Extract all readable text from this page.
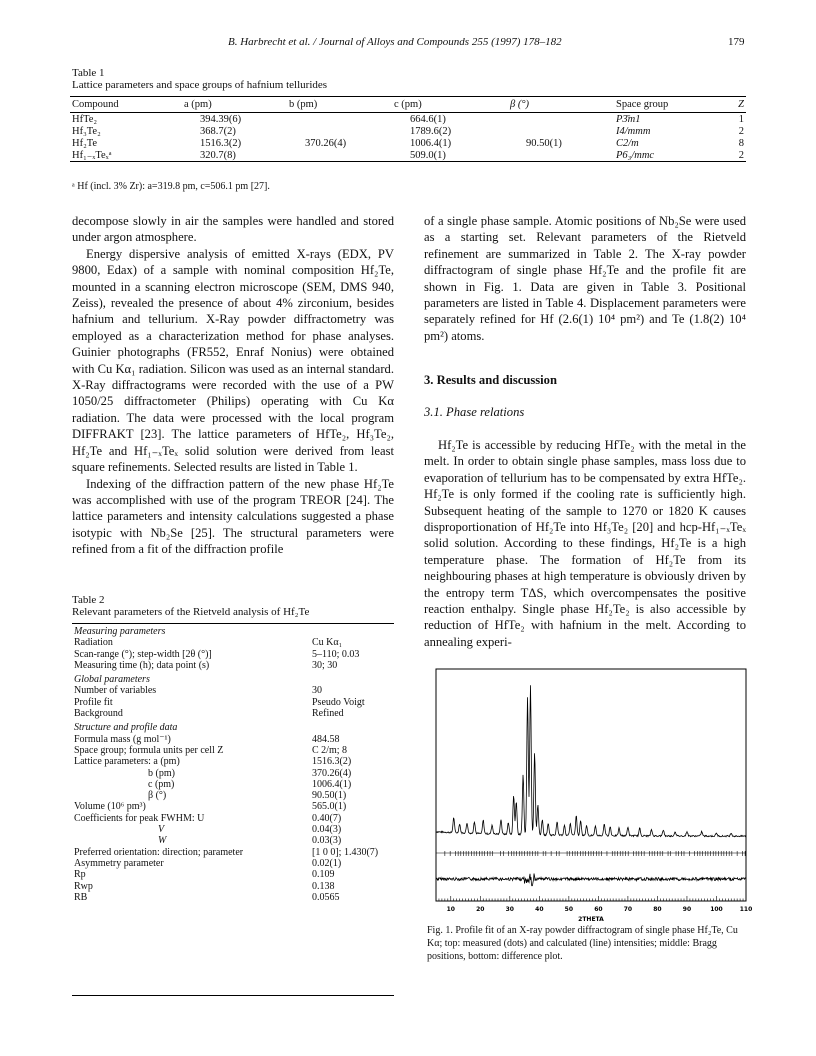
B. Harbrecht et al. / Journal of Alloys and Compounds 255 (1997) 178–182	179
Table 1
Lattice parameters and space groups of hafnium tellurides
Compound	a (pm)	b (pm)	c (pm)	β (°)	Space group	Z
HfTe₂	394.39(6)		664.6(1)		P3̄m1	1
Hf₃Te₂	368.7(2)		1789.6(2)		I4/mmm	2
Hf₂Te	1516.3(2)	370.26(4)	1006.4(1)	90.50(1)	C2/m	8
Hf₁₋ₓTeₓᵃ	320.7(8)		509.0(1)		P6₃/mmc	2
ᵃ Hf (incl. 3% Zr): a=319.8 pm, c=506.1 pm [27].

decompose slowly in air the samples were handled and stored under argon atmosphere.

Energy dispersive analysis of emitted X-rays (EDX, PV 9800, Edax) of a sample with nominal composition Hf₂Te, mounted in a scanning electron microscope (SEM, DMS 940, Zeiss), revealed the presence of about 4% zirconium, besides hafnium and tellurium. X-Ray powder diffractometry was employed as a characterization method for phase analyses. Guinier photographs (FR552, Enraf Nonius) were obtained with Cu Kα₁ radiation. Silicon was used as an internal standard. X-Ray diffractograms were recorded with the use of a PW 1050/25 diffractometer (Philips) operating with Cu Kα radiation. The data were processed with the local program DIFFRAKT [23]. The lattice parameters of HfTe₂, Hf₃Te₂, Hf₂Te and Hf₁₋ₓTeₓ solid solution were derived from least square refinements. Selected results are listed in Table 1.

Indexing of the diffraction pattern of the new phase Hf₂Te was accomplished with use of the program TREOR [24]. The lattice parameters and intensity calculations suggested a phase isotypic with Nb₂Se [25]. The structural parameters were refined from a fit of the diffraction profile

of a single phase sample. Atomic positions of Nb₂Se were used as a starting set. Relevant parameters of the Rietveld refinement are summarized in Table 2. The X-ray powder diffractogram of single phase Hf₂Te and the profile fit are shown in Fig. 1. Data are given in Table 3. Positional parameters are listed in Table 4. Displacement parameters were separately refined for Hf (2.6(1) 10⁴ pm²) and Te (1.8(2) 10⁴ pm²) atoms.

3. Results and discussion
3.1. Phase relations

Hf₂Te is accessible by reducing HfTe₂ with the metal in the melt. In order to obtain single phase samples, mass loss due to evaporation of tellurium has to be compensated by extra HfTe₂. Hf₂Te is only formed if the cooling rate is sufficiently high. Subsequent heating of the sample to 1270 or 1820 K causes disproportionation of Hf₂Te into Hf₃Te₂ [20] and hcp-Hf₁₋ₓTeₓ solid solution. According to these findings, Hf₂Te is a high temperature phase. The formation of Hf₂Te from its neighbouring phases at high temperature is obviously driven by the entropy term TΔS, which overcompensates the positive reaction enthalpy. Single phase Hf₂Te₂ is also accessible by reduction of HfTe₂ with hafnium in the melt. According to annealing experi-

Table 2
Relevant parameters of the Rietveld analysis of Hf₂Te
Measuring parameters	
Radiation	Cu Kα₁
Scan-range (°); step-width [2θ (°)]	5–110; 0.03
Measuring time (h); data point (s)	30; 30
Global parameters	
Number of variables	30
Profile fit	Pseudo Voigt
Background	Refined
Structure and profile data	
Formula mass (g mol⁻¹)	484.58
Space group; formula units per cell Z	C 2/m; 8
Lattice parameters: a (pm)	1516.3(2)
b (pm)	370.26(4)
c (pm)	1006.4(1)
β (°)	90.50(1)
Volume (10⁶ pm³)	565.0(1)
Coefficients for peak FWHM: U	0.40(7)
V	0.04(3)
W	0.03(3)
Preferred orientation: direction; parameter	[1 0 0]; 1.430(7)
Asymmetry parameter	0.02(1)
Rp	0.109
Rwp	0.138
RB	0.0565
10	20	30	40	50	60	70	80	90	100	110
2THETA
Fig. 1. Profile fit of an X-ray powder diffractogram of single phase Hf₂Te, Cu Kα; top: measured (dots) and calculated (line) intensities; middle: Bragg positions, bottom: difference plot.
